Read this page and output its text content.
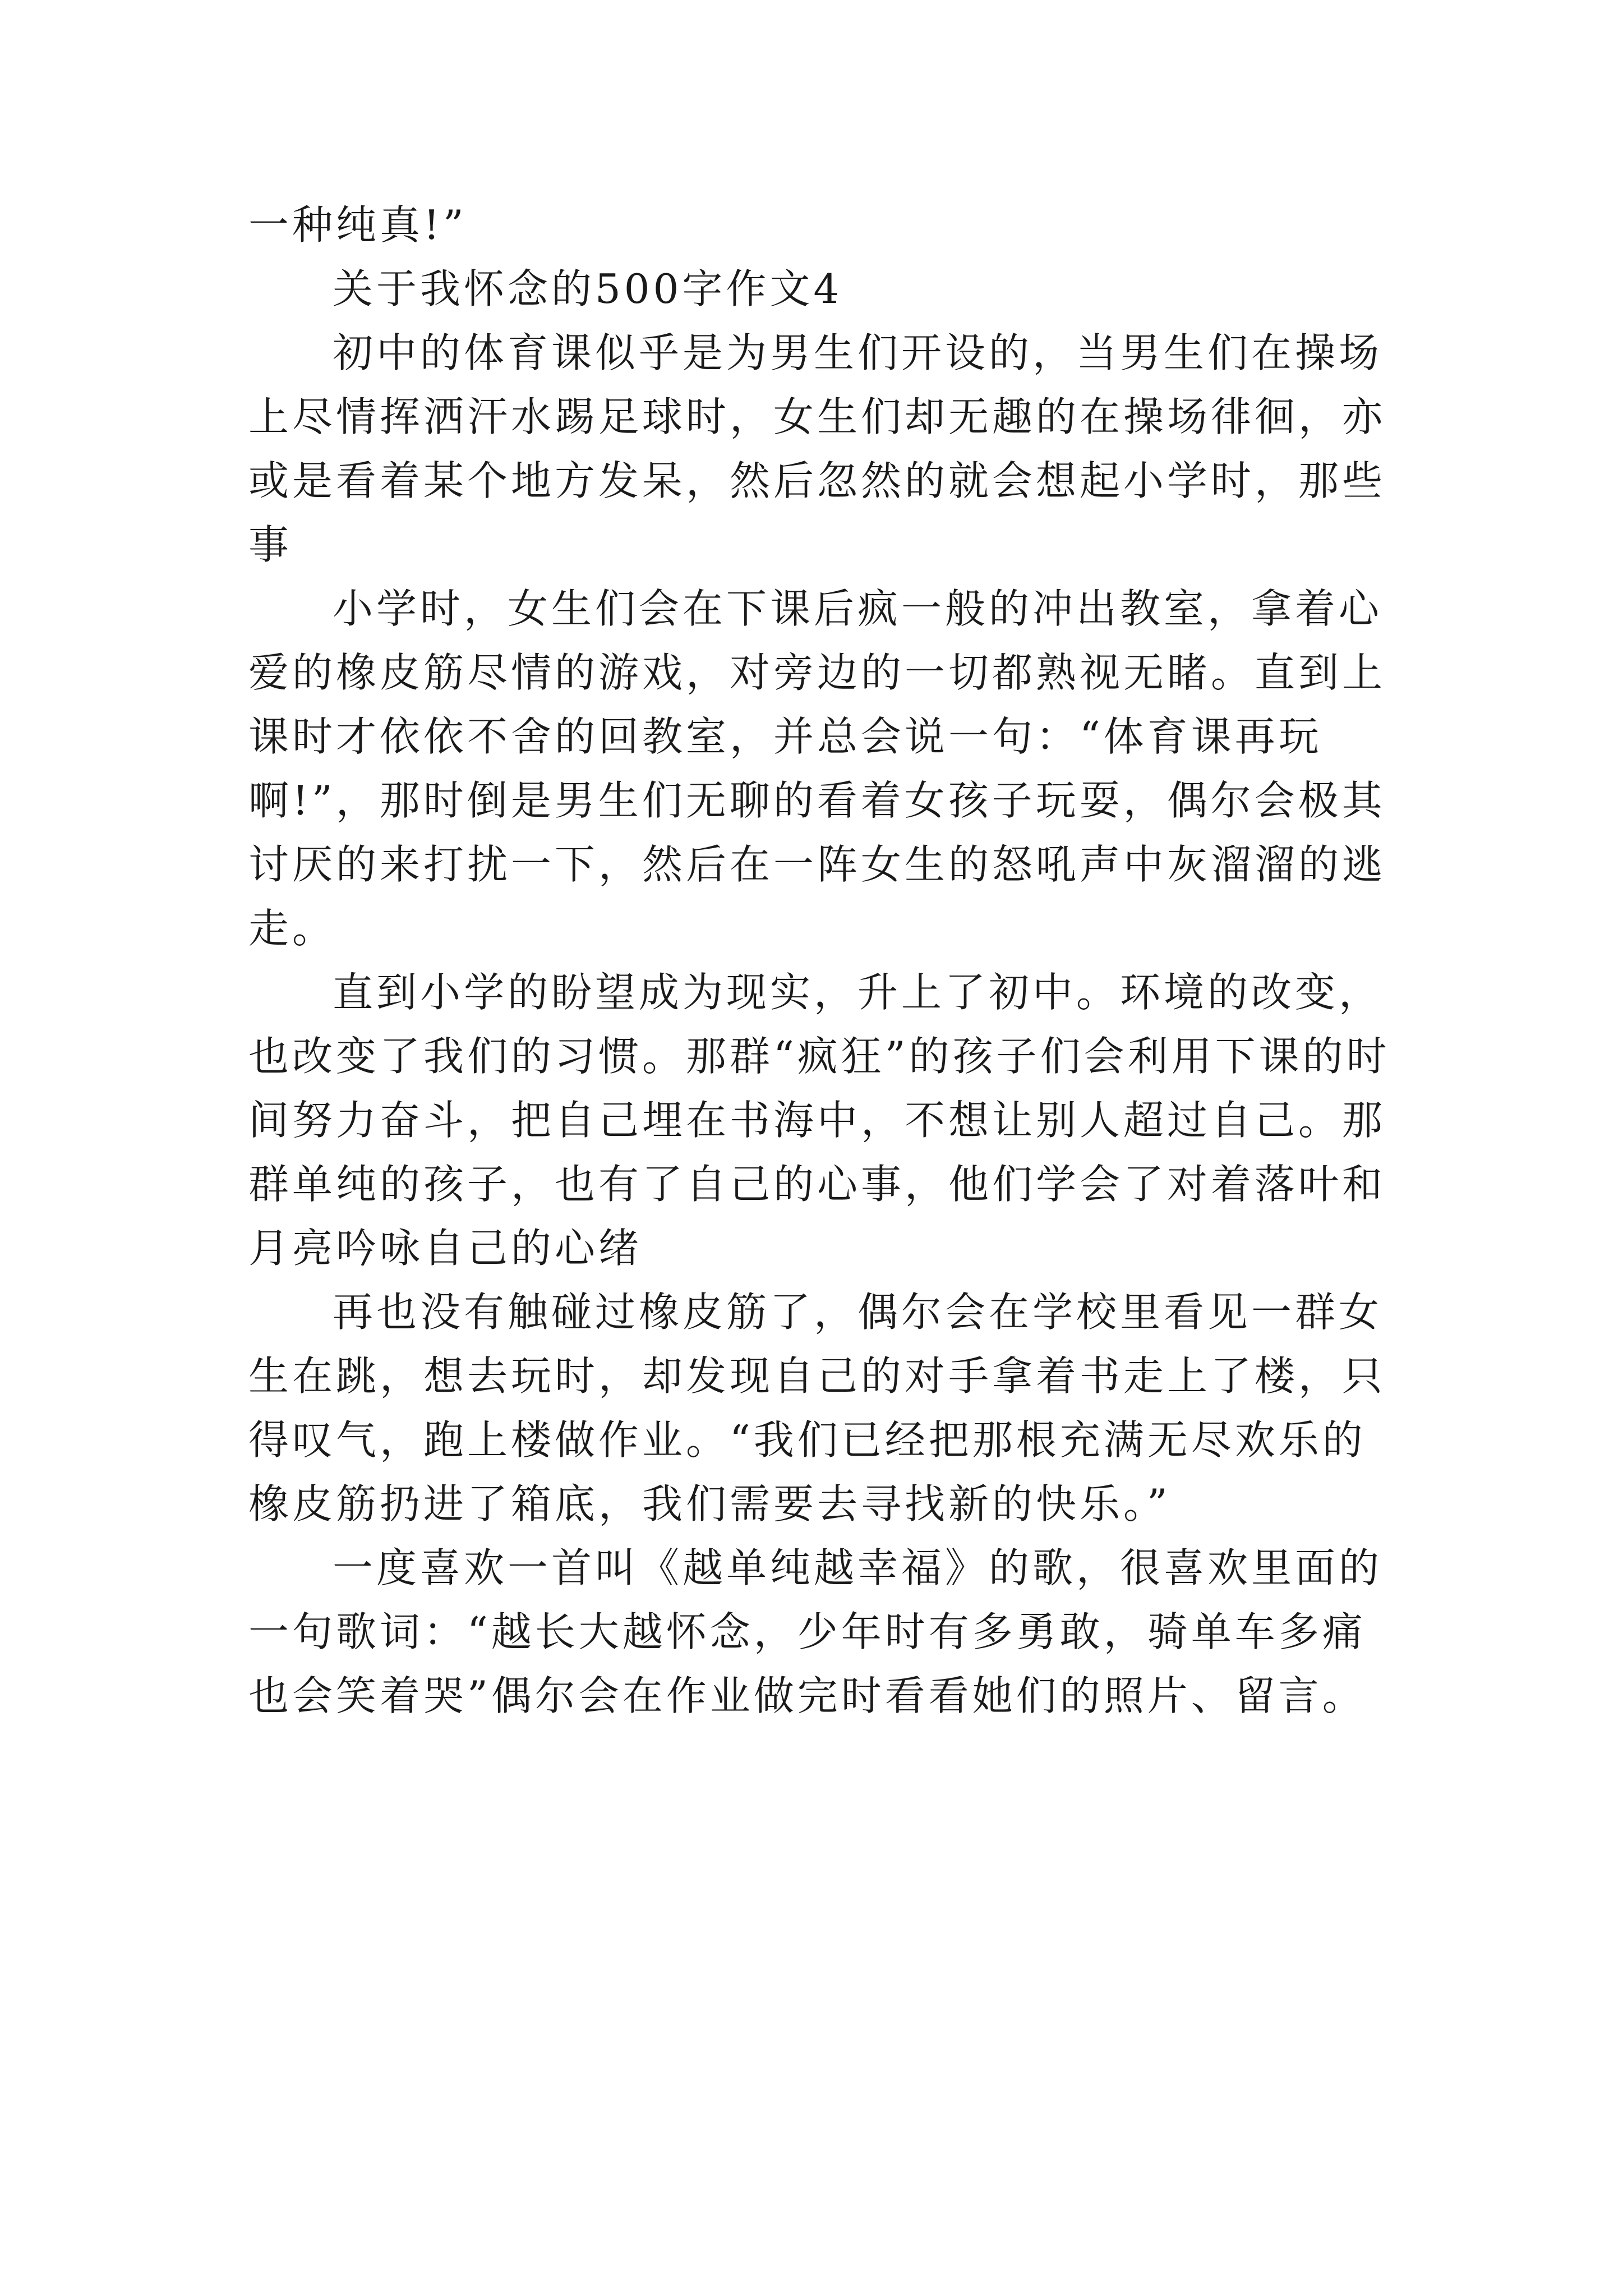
一种纯真!”

关于我怀念的500字作文4

初中的体育课似乎是为男生们开设的，当男生们在操场上尽情挥洒汗水踢足球时，女生们却无趣的在操场徘徊，亦或是看着某个地方发呆，然后忽然的就会想起小学时，那些事

小学时，女生们会在下课后疯一般的冲出教室，拿着心爱的橡皮筋尽情的游戏，对旁边的一切都熟视无睹。直到上课时才依依不舍的回教室，并总会说一句：“体育课再玩啊!”，那时倒是男生们无聊的看着女孩子玩耍，偶尔会极其讨厌的来打扰一下，然后在一阵女生的怒吼声中灰溜溜的逃走。

直到小学的盼望成为现实，升上了初中。环境的改变，也改变了我们的习惯。那群“疯狂”的孩子们会利用下课的时间努力奋斗，把自己埋在书海中，不想让别人超过自己。那群单纯的孩子，也有了自己的心事，他们学会了对着落叶和月亮吟咏自己的心绪

再也没有触碰过橡皮筋了，偶尔会在学校里看见一群女生在跳，想去玩时，却发现自己的对手拿着书走上了楼，只得叹气，跑上楼做作业。“我们已经把那根充满无尽欢乐的橡皮筋扔进了箱底，我们需要去寻找新的快乐。”

一度喜欢一首叫《越单纯越幸福》的歌，很喜欢里面的一句歌词：“越长大越怀念，少年时有多勇敢，骑单车多痛也会笑着哭”偶尔会在作业做完时看看她们的照片、留言。
